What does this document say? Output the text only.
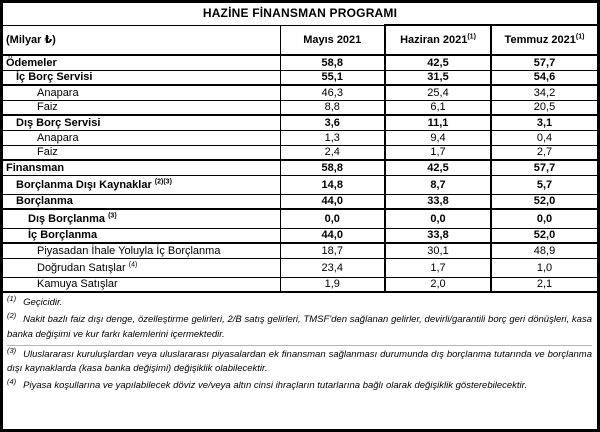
HAZİNE FİNANSMAN PROGRAMI
(Milyar ₺)	Mayıs 2021	Haziran 2021$^{(1)}$	Temmuz 2021$^{(1)}$
Ödemeler	58,8	42,5	57,7
İç Borç Servisi	55,1	31,5	54,6
Anapara	46,3	25,4	34,2
Faiz	8,8	6,1	20,5
Dış Borç Servisi	3,6	11,1	3,1
Anapara	1,3	9,4	0,4
Faiz	2,4	1,7	2,7
Finansman	58,8	42,5	57,7
Borçlanma Dışı Kaynaklar $^{(2)(3)}$	14,8	8,7	5,7
Borçlanma	44,0	33,8	52,0
Dış Borçlanma $^{(3)}$	0,0	0,0	0,0
İç Borçlanma	44,0	33,8	52,0
Piyasadan İhale Yoluyla İç Borçlanma	18,7	30,1	48,9
Doğrudan Satışlar $^{(4)}$	23,4	1,7	1,0
Kamuya Satışlar	1,9	2,0	2,1

$^{(1)}$ Geçicidir.

$^{(2)}$ Nakit bazlı faiz dışı denge, özelleştirme gelirleri, 2/B satış gelirleri, TMSF'den sağlanan gelirler, devirli/garantili borç geri dönüşleri, kasa banka değişimi ve kur farkı kalemlerini içermektedir.

$^{(3)}$ Uluslararası kuruluşlardan veya uluslararası piyasalardan ek finansman sağlanması durumunda dış borçlanma tutarında ve borçlanma dışı kaynaklarda (kasa banka değişimi) değişiklik olabilecektir.

$^{(4)}$ Piyasa koşullarına ve yapılabilecek döviz ve/veya altın cinsi ihraçların tutarlarına bağlı olarak değişiklik gösterebilecektir.
